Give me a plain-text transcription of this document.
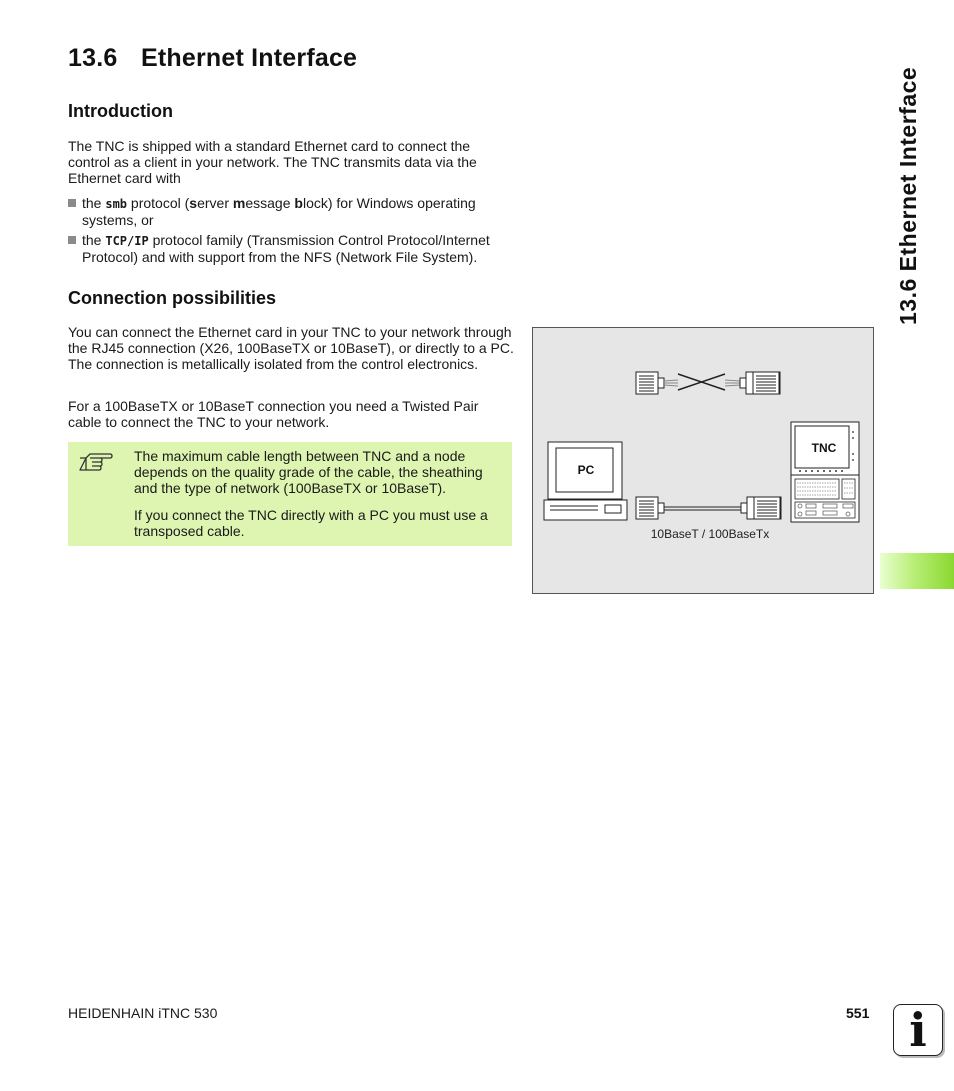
13.6 Ethernet Interface
13.6 Ethernet Interface
Introduction

The TNC is shipped with a standard Ethernet card to connect the control as a client in your network. The TNC transmits data via the Ethernet card with

the smb protocol (server message block) for Windows operating systems, or
the TCP/IP protocol family (Transmission Control Protocol/Internet Protocol) and with support from the NFS (Network File System).
Connection possibilities

You can connect the Ethernet card in your TNC to your network through the RJ45 connection (X26, 100BaseTX or 10BaseT), or directly to a PC. The connection is metallically isolated from the control electronics.

For a 100BaseTX or 10BaseT connection you need a Twisted Pair cable to connect the TNC to your network.

The maximum cable length between TNC and a node depends on the quality grade of the cable, the sheathing and the type of network (100BaseTX or 10BaseT).

If you connect the TNC directly with a PC you must use a transposed cable.

PC
TNC
10BaseT / 100BaseTx
HEIDENHAIN iTNC 530	551 i
